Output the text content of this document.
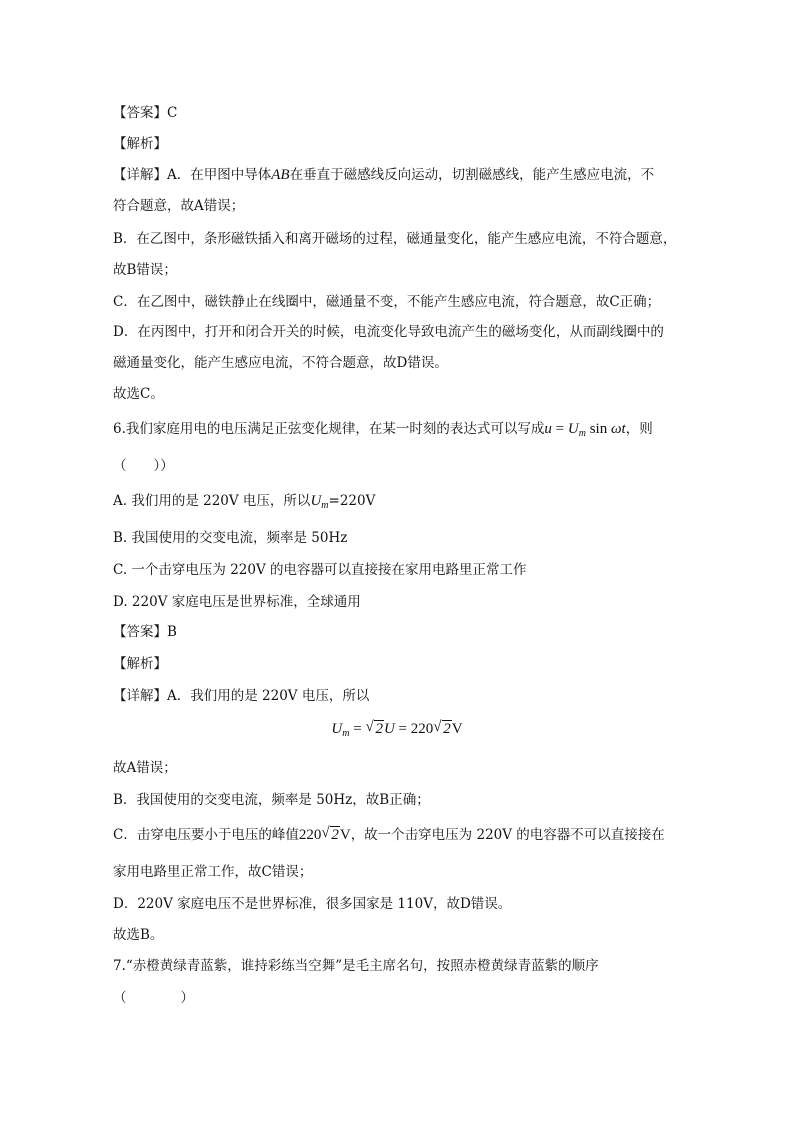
【答案】C
【解析】
【详解】A．在甲图中导体AB在垂直于磁感线反向运动，切割磁感线，能产生感应电流，不
符合题意，故A错误；
B．在乙图中，条形磁铁插入和离开磁场的过程，磁通量变化，能产生感应电流，不符合题意，
故B错误；
C．在乙图中，磁铁静止在线圈中，磁通量不变，不能产生感应电流，符合题意，故C正确；
D．在丙图中，打开和闭合开关的时候，电流变化导致电流产生的磁场变化，从而副线圈中的
磁通量变化，能产生感应电流，不符合题意，故D错误。
故选C。
6.我们家庭用电的电压满足正弦变化规律，在某一时刻的表达式可以写成$u = U_m$ sin ωt，则
（　　））
A. 我们用的是 220V 电压，所以$U_m=220V$
B. 我国使用的交变电流，频率是 50Hz
C. 一个击穿电压为 220V 的电容器可以直接接在家用电路里正常工作
D. 220V 家庭电压是世界标准，全球通用
【答案】B
【解析】
【详解】A．我们用的是 220V 电压，所以
$U_m$ = √ 2U = 220 √ 2V
故A错误；
B．我国使用的交变电流，频率是 50Hz，故B正确；
C．击穿电压要小于电压的峰值220 √ 2V，故一个击穿电压为 220V 的电容器不可以直接接在
家用电路里正常工作，故C错误；
D．220V 家庭电压不是世界标准，很多国家是 110V，故D错误。
故选B。
7.“赤橙黄绿青蓝紫，谁持彩练当空舞”是毛主席名句，按照赤橙黄绿青蓝紫的顺序
（　　　　）
